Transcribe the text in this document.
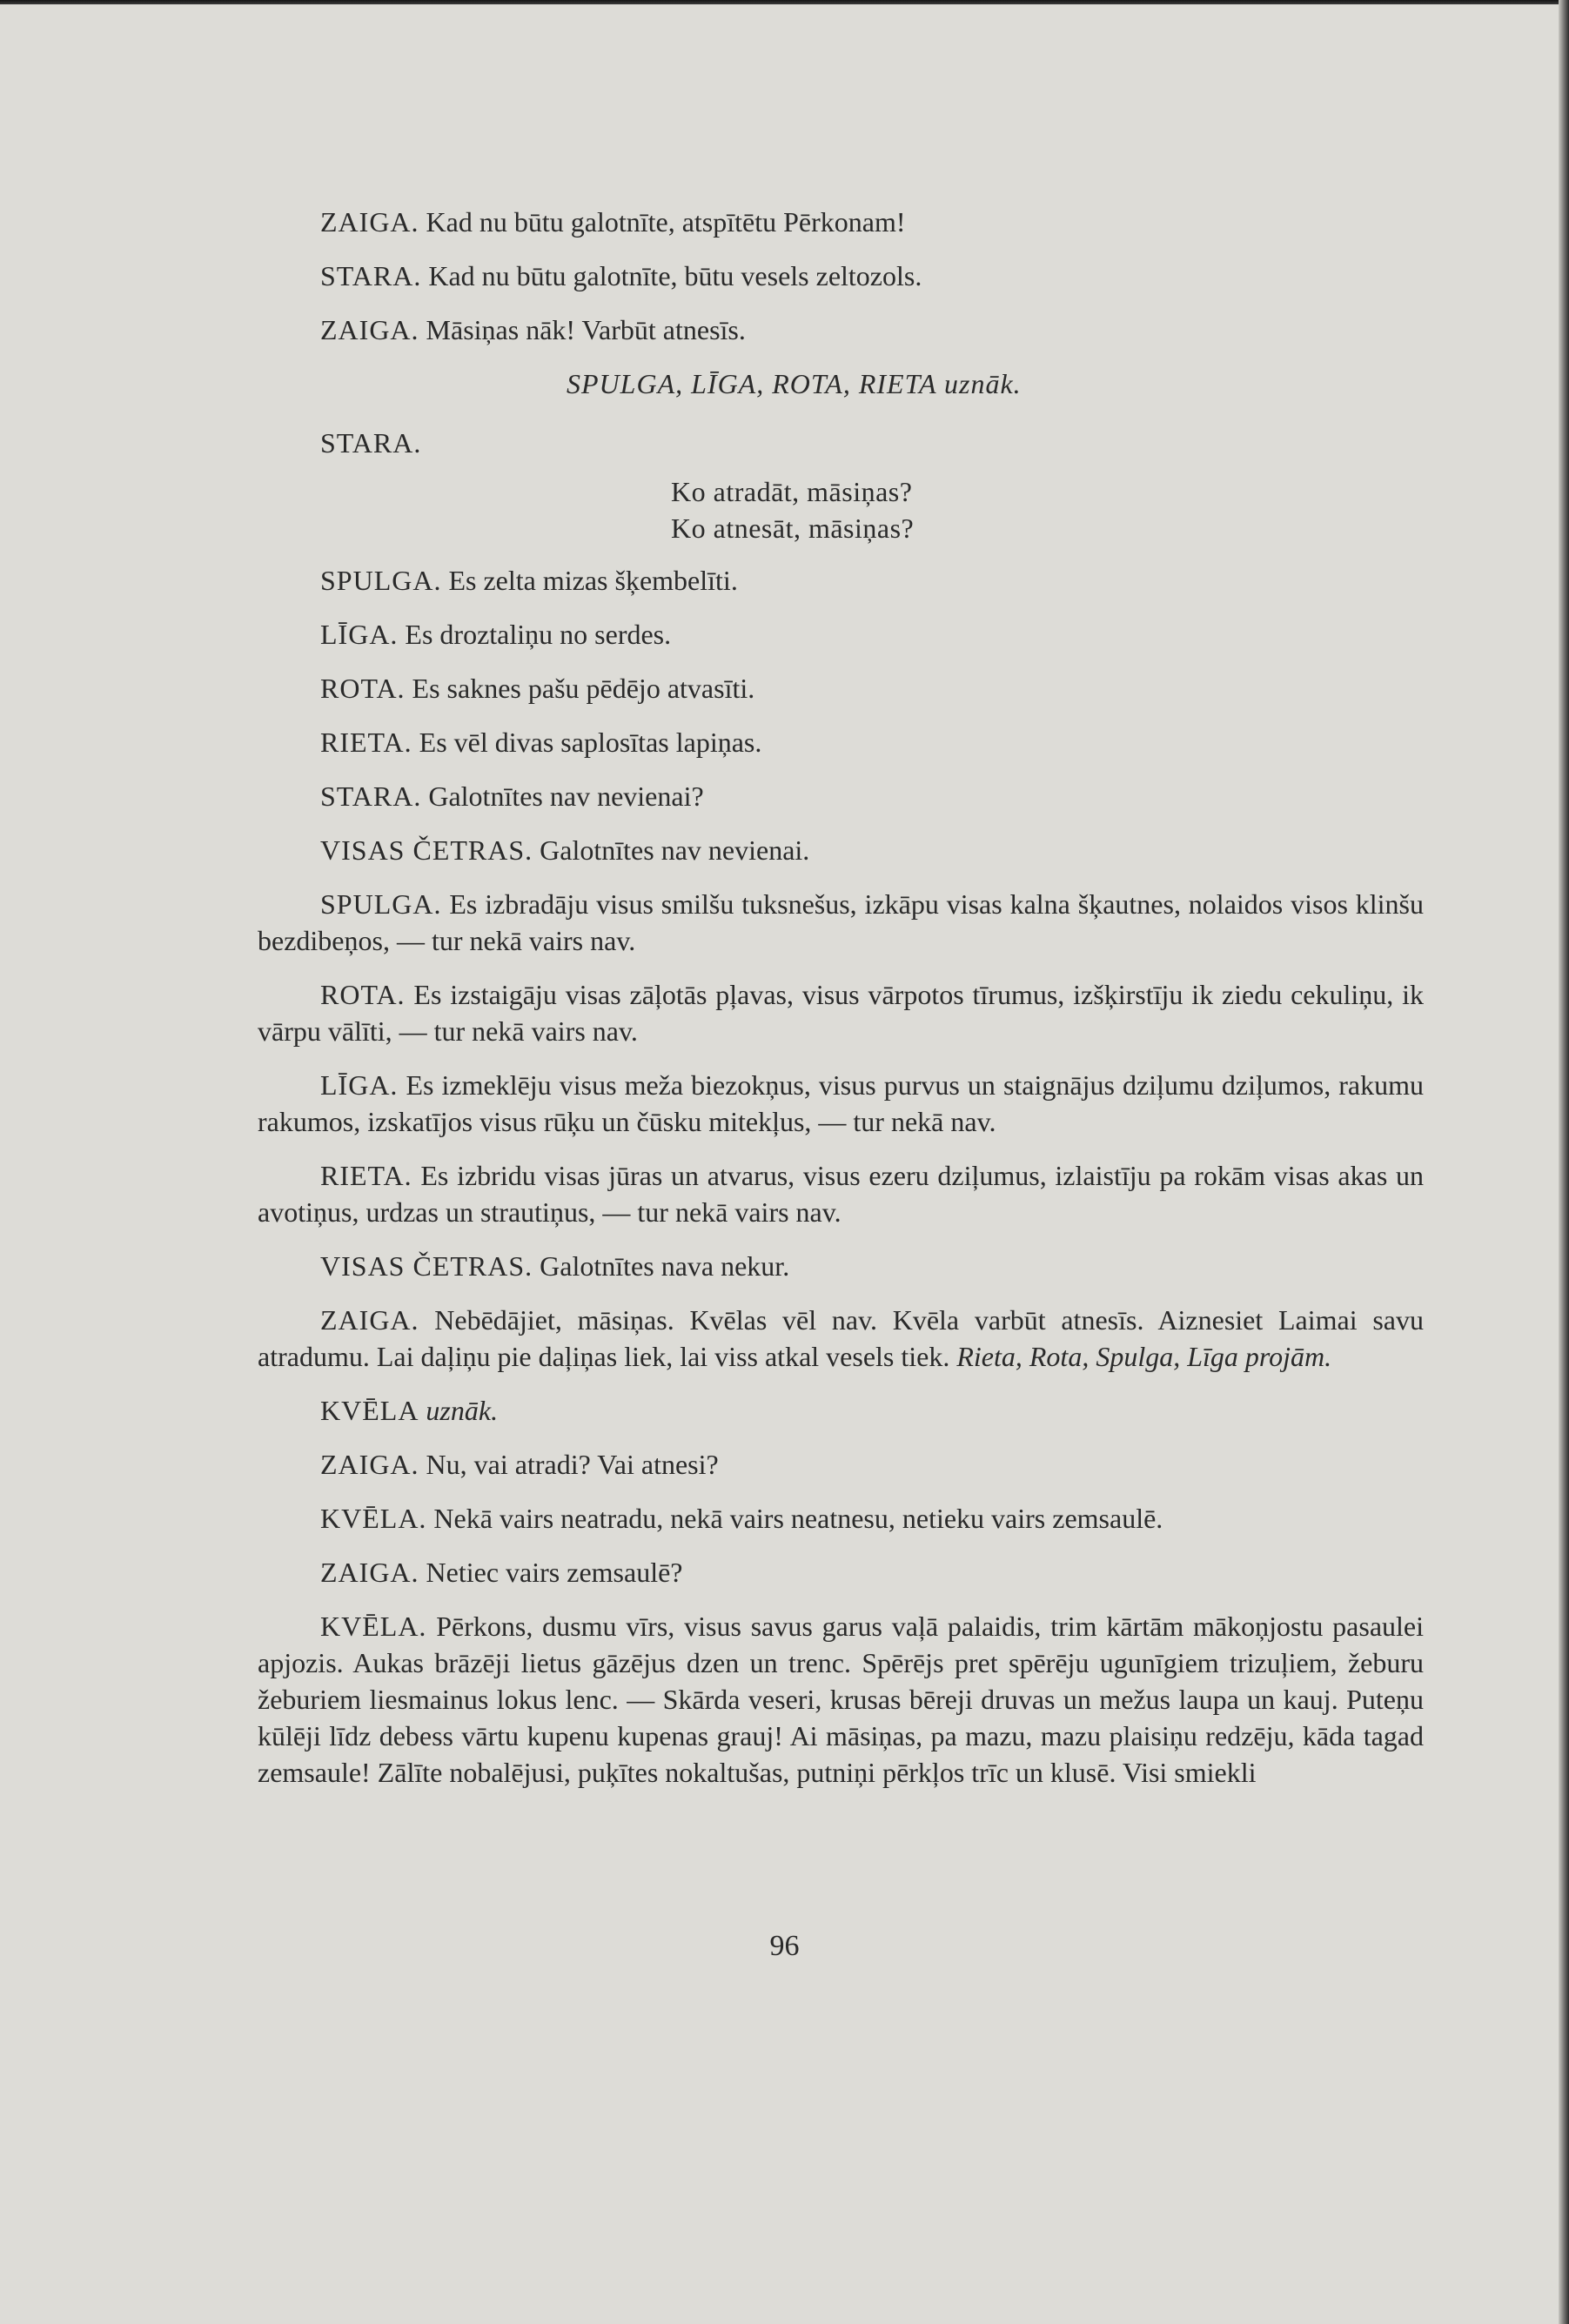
ZAIGA. Kad nu būtu galotnīte, atspītētu Pērkonam!

STARA. Kad nu būtu galotnīte, būtu vesels zeltozols.

ZAIGA. Māsiņas nāk! Varbūt atnesīs.

SPULGA, LĪGA, ROTA, RIETA uznāk.

STARA.
Ko atradāt, māsiņas?
Ko atnesāt, māsiņas?

SPULGA. Es zelta mizas šķembelīti.

LĪGA. Es droztaliņu no serdes.

ROTA. Es saknes pašu pēdējo atvasīti.

RIETA. Es vēl divas saplosītas lapiņas.

STARA. Galotnītes nav nevienai?

VISAS ČETRAS. Galotnītes nav nevienai.

SPULGA. Es izbradāju visus smilšu tuksnešus, izkāpu visas kalna šķautnes, nolaidos visos klinšu bezdibeņos, — tur nekā vairs nav.

ROTA. Es izstaigāju visas zāļotās pļavas, visus vārpotos tīrumus, izšķirstīju ik ziedu cekuliņu, ik vārpu vālīti, — tur nekā vairs nav.

LĪGA. Es izmeklēju visus meža biezokņus, visus purvus un staignājus dziļumu dziļumos, rakumu rakumos, izskatījos visus rūķu un čūsku mitekļus, — tur nekā nav.

RIETA. Es izbridu visas jūras un atvarus, visus ezeru dziļumus, izlaistīju pa rokām visas akas un avotiņus, urdzas un strautiņus, — tur nekā vairs nav.

VISAS ČETRAS. Galotnītes nava nekur.

ZAIGA. Nebēdājiet, māsiņas. Kvēlas vēl nav. Kvēla varbūt atnesīs. Aiznesiet Laimai savu atradumu. Lai daļiņu pie daļiņas liek, lai viss atkal vesels tiek. Rieta, Rota, Spulga, Līga projām.

KVĒLA uznāk.

ZAIGA. Nu, vai atradi? Vai atnesi?

KVĒLA. Nekā vairs neatradu, nekā vairs neatnesu, netieku vairs zemsaulē.

ZAIGA. Netiec vairs zemsaulē?

KVĒLA. Pērkons, dusmu vīrs, visus savus garus vaļā palaidis, trim kārtām mākoņjostu pasaulei apjozis. Aukas brāzēji lietus gāzējus dzen un trenc. Spērējs pret spērēju ugunīgiem trizuļiem, žeburu žeburiem liesmainus lokus lenc. — Skārda veseri, krusas bēreji druvas un mežus laupa un kauj. Puteņu kūlēji līdz debess vārtu kupenu kupenas grauj! Ai māsiņas, pa mazu, mazu plaisiņu redzēju, kāda tagad zemsaule! Zālīte nobalējusi, puķītes nokaltušas, putniņi pērkļos trīc un klusē. Visi smiekli

96
